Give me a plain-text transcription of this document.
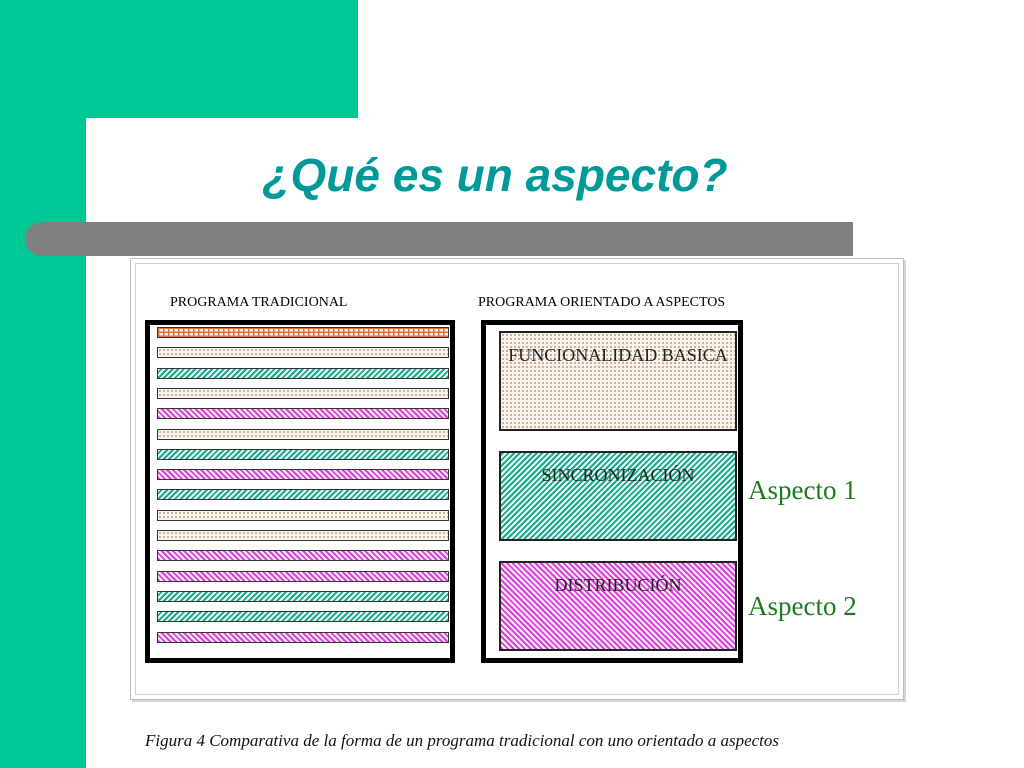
¿Qué es un aspecto?
PROGRAMA TRADICIONAL	PROGRAMA ORIENTADO A ASPECTOS
FUNCIONALIDAD BASICA
SINCRONIZACIÓN
DISTRIBUCIÓN
Aspecto 1
Aspecto 2
Figura 4 Comparativa de la forma de un programa tradicional con uno orientado a aspectos
